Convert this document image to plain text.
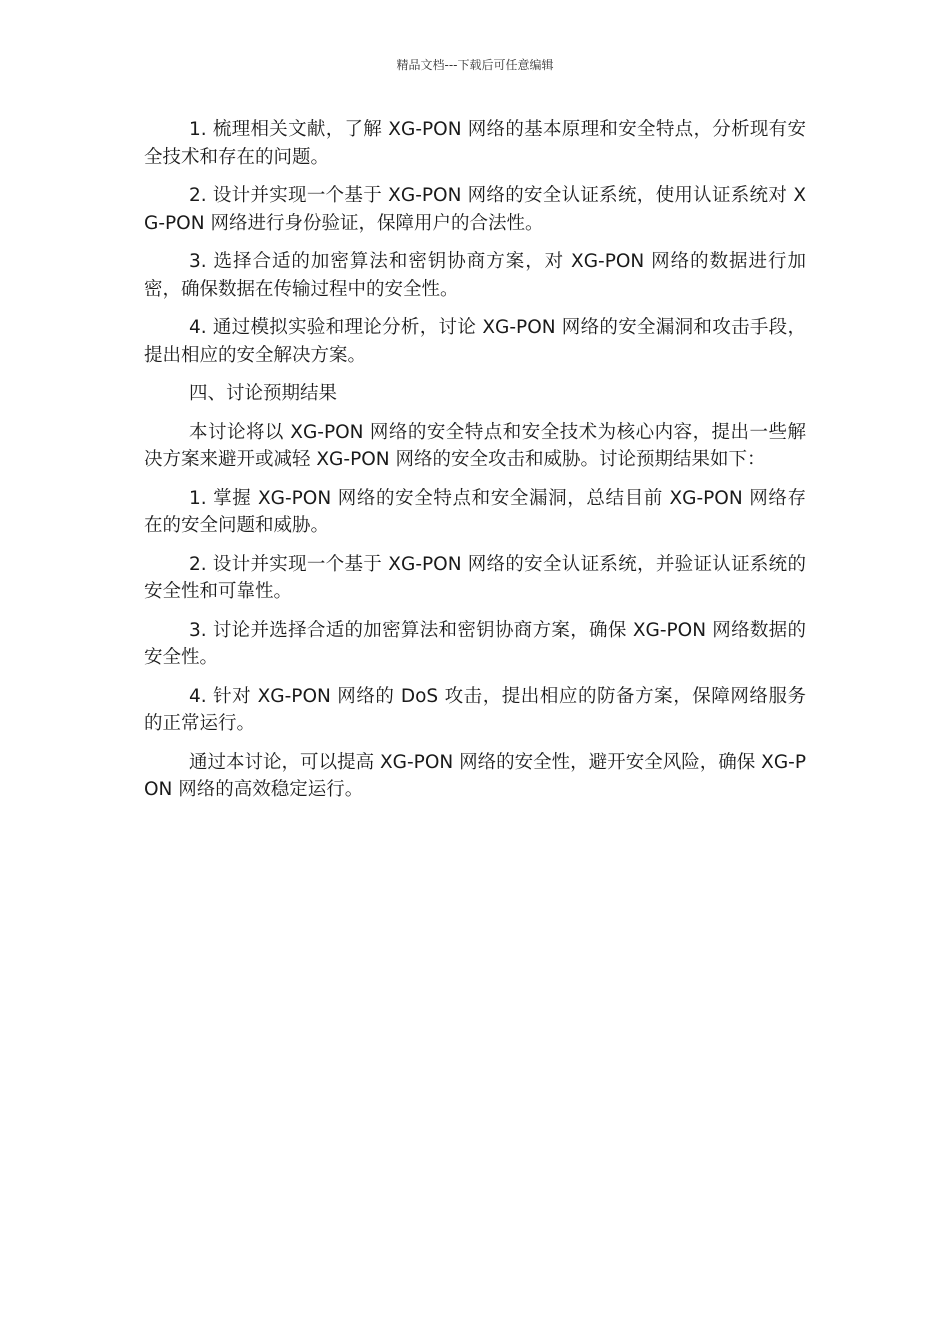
精品文档---下载后可任意编辑

1. 梳理相关文献，了解 XG-PON 网络的基本原理和安全特点，分析现有安全技术和存在的问题。

2. 设计并实现一个基于 XG-PON 网络的安全认证系统，使用认证系统对 XG-PON 网络进行身份验证，保障用户的合法性。

3. 选择合适的加密算法和密钥协商方案，对 XG-PON 网络的数据进行加密，确保数据在传输过程中的安全性。

4. 通过模拟实验和理论分析，讨论 XG-PON 网络的安全漏洞和攻击手段，提出相应的安全解决方案。

四、讨论预期结果

本讨论将以 XG-PON 网络的安全特点和安全技术为核心内容，提出一些解决方案来避开或减轻 XG-PON 网络的安全攻击和威胁。讨论预期结果如下：

1. 掌握 XG-PON 网络的安全特点和安全漏洞，总结目前 XG-PON 网络存在的安全问题和威胁。

2. 设计并实现一个基于 XG-PON 网络的安全认证系统，并验证认证系统的安全性和可靠性。

3. 讨论并选择合适的加密算法和密钥协商方案，确保 XG-PON 网络数据的安全性。

4. 针对 XG-PON 网络的 DoS 攻击，提出相应的防备方案，保障网络服务的正常运行。

通过本讨论，可以提高 XG-PON 网络的安全性，避开安全风险，确保 XG-PON 网络的高效稳定运行。
